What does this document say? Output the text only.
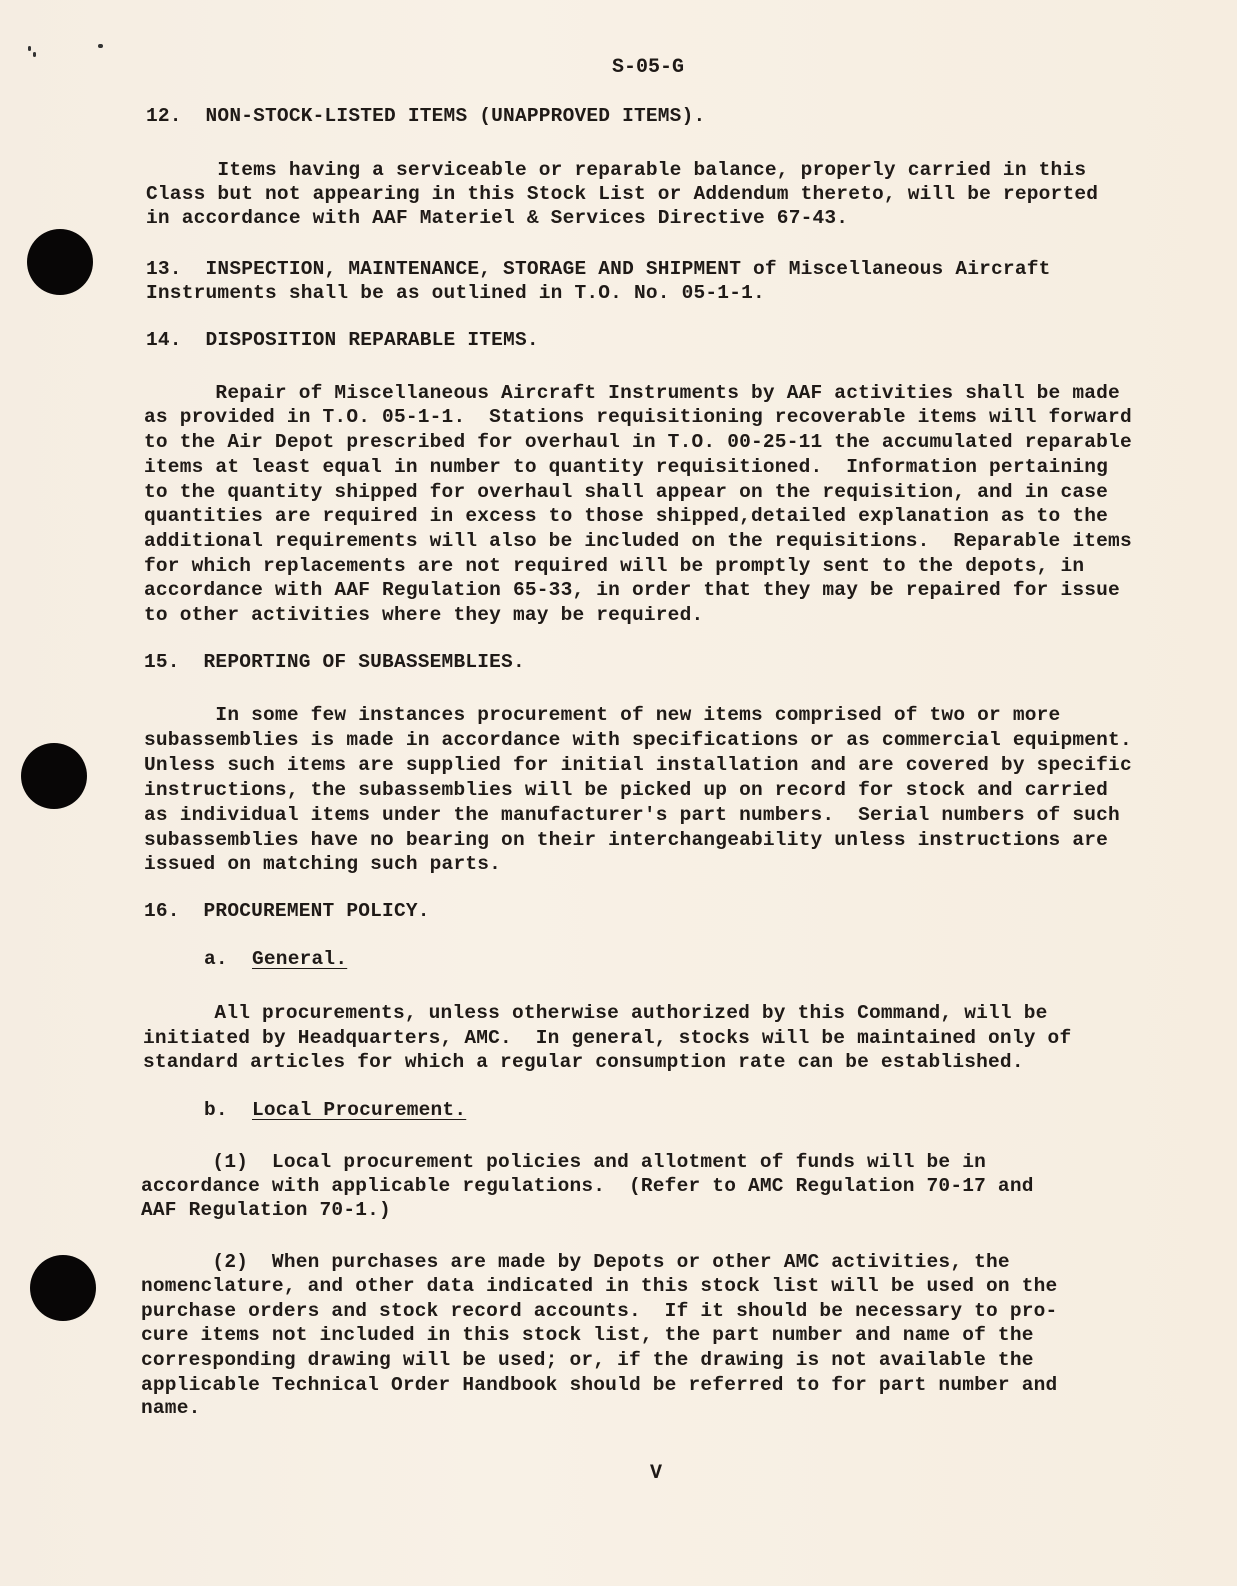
S-05-G
12.  NON-STOCK-LISTED ITEMS (UNAPPROVED ITEMS).
Items having a serviceable or reparable balance, properly carried in this
Class but not appearing in this Stock List or Addendum thereto, will be reported
in accordance with AAF Materiel & Services Directive 67-43.
13.  INSPECTION, MAINTENANCE, STORAGE AND SHIPMENT of Miscellaneous Aircraft
Instruments shall be as outlined in T.O. No. 05-1-1.
14.  DISPOSITION REPARABLE ITEMS.
Repair of Miscellaneous Aircraft Instruments by AAF activities shall be made
as provided in T.O. 05-1-1.  Stations requisitioning recoverable items will forward
to the Air Depot prescribed for overhaul in T.O. 00-25-11 the accumulated reparable
items at least equal in number to quantity requisitioned.  Information pertaining
to the quantity shipped for overhaul shall appear on the requisition, and in case
quantities are required in excess to those shipped,detailed explanation as to the
additional requirements will also be included on the requisitions.  Reparable items
for which replacements are not required will be promptly sent to the depots, in
accordance with AAF Regulation 65-33, in order that they may be repaired for issue
to other activities where they may be required.
15.  REPORTING OF SUBASSEMBLIES.
In some few instances procurement of new items comprised of two or more
subassemblies is made in accordance with specifications or as commercial equipment.
Unless such items are supplied for initial installation and are covered by specific
instructions, the subassemblies will be picked up on record for stock and carried
as individual items under the manufacturer's part numbers.  Serial numbers of such
subassemblies have no bearing on their interchangeability unless instructions are
issued on matching such parts.
16.  PROCUREMENT POLICY.
a. General.
All procurements, unless otherwise authorized by this Command, will be
initiated by Headquarters, AMC.  In general, stocks will be maintained only of
standard articles for which a regular consumption rate can be established.
b. Local Procurement.
(1)  Local procurement policies and allotment of funds will be in
accordance with applicable regulations.  (Refer to AMC Regulation 70-17 and
AAF Regulation 70-1.)
(2)  When purchases are made by Depots or other AMC activities, the
nomenclature, and other data indicated in this stock list will be used on the
purchase orders and stock record accounts.  If it should be necessary to pro-
cure items not included in this stock list, the part number and name of the
corresponding drawing will be used; or, if the drawing is not available the
applicable Technical Order Handbook should be referred to for part number and
name.
V
